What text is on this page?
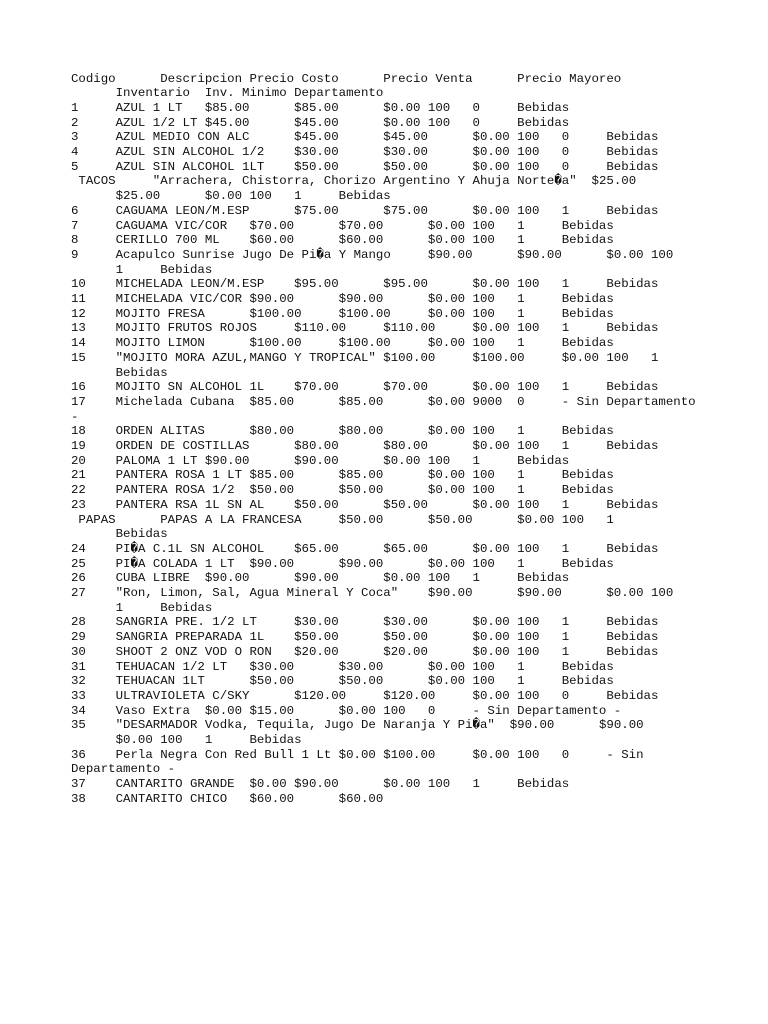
Codigo      Descripcion Precio Costo      Precio Venta      Precio Mayoreo
Inventario  Inv. Minimo Departamento
1     AZUL 1 LT   $85.00      $85.00      $0.00 100   0     Bebidas
2     AZUL 1/2 LT $45.00      $45.00      $0.00 100   0     Bebidas
3     AZUL MEDIO CON ALC      $45.00      $45.00      $0.00 100   0     Bebidas
4     AZUL SIN ALCOHOL 1/2    $30.00      $30.00      $0.00 100   0     Bebidas
5     AZUL SIN ALCOHOL 1LT    $50.00      $50.00      $0.00 100   0     Bebidas
TACOS     "Arrachera, Chistorra, Chorizo Argentino Y Ahuja Norte�a"  $25.00
$25.00      $0.00 100   1     Bebidas
6     CAGUAMA LEON/M.ESP      $75.00      $75.00      $0.00 100   1     Bebidas
7     CAGUAMA VIC/COR   $70.00      $70.00      $0.00 100   1     Bebidas
8     CERILLO 700 ML    $60.00      $60.00      $0.00 100   1     Bebidas
9     Acapulco Sunrise Jugo De Pi�a Y Mango     $90.00      $90.00      $0.00 100
1     Bebidas
10    MICHELADA LEON/M.ESP    $95.00      $95.00      $0.00 100   1     Bebidas
11    MICHELADA VIC/COR $90.00      $90.00      $0.00 100   1     Bebidas
12    MOJITO FRESA      $100.00     $100.00     $0.00 100   1     Bebidas
13    MOJITO FRUTOS ROJOS     $110.00     $110.00     $0.00 100   1     Bebidas
14    MOJITO LIMON      $100.00     $100.00     $0.00 100   1     Bebidas
15    "MOJITO MORA AZUL,MANGO Y TROPICAL" $100.00     $100.00     $0.00 100   1
Bebidas
16    MOJITO SN ALCOHOL 1L    $70.00      $70.00      $0.00 100   1     Bebidas
17    Michelada Cubana  $85.00      $85.00      $0.00 9000  0     - Sin Departamento
-
18    ORDEN ALITAS      $80.00      $80.00      $0.00 100   1     Bebidas
19    ORDEN DE COSTILLAS      $80.00      $80.00      $0.00 100   1     Bebidas
20    PALOMA 1 LT $90.00      $90.00      $0.00 100   1     Bebidas
21    PANTERA ROSA 1 LT $85.00      $85.00      $0.00 100   1     Bebidas
22    PANTERA ROSA 1/2  $50.00      $50.00      $0.00 100   1     Bebidas
23    PANTERA RSA 1L SN AL    $50.00      $50.00      $0.00 100   1     Bebidas
PAPAS      PAPAS A LA FRANCESA     $50.00      $50.00      $0.00 100   1
Bebidas
24    PI�A C.1L SN ALCOHOL    $65.00      $65.00      $0.00 100   1     Bebidas
25    PI�A COLADA 1 LT  $90.00      $90.00      $0.00 100   1     Bebidas
26    CUBA LIBRE  $90.00      $90.00      $0.00 100   1     Bebidas
27    "Ron, Limon, Sal, Agua Mineral Y Coca"    $90.00      $90.00      $0.00 100
1     Bebidas
28    SANGRIA PRE. 1/2 LT     $30.00      $30.00      $0.00 100   1     Bebidas
29    SANGRIA PREPARADA 1L    $50.00      $50.00      $0.00 100   1     Bebidas
30    SHOOT 2 ONZ VOD O RON   $20.00      $20.00      $0.00 100   1     Bebidas
31    TEHUACAN 1/2 LT   $30.00      $30.00      $0.00 100   1     Bebidas
32    TEHUACAN 1LT      $50.00      $50.00      $0.00 100   1     Bebidas
33    ULTRAVIOLETA C/SKY      $120.00     $120.00     $0.00 100   0     Bebidas
34    Vaso Extra  $0.00 $15.00      $0.00 100   0     - Sin Departamento -
35    "DESARMADOR Vodka, Tequila, Jugo De Naranja Y Pi�a"  $90.00      $90.00
$0.00 100   1     Bebidas
36    Perla Negra Con Red Bull 1 Lt $0.00 $100.00     $0.00 100   0     - Sin
Departamento -
37    CANTARITO GRANDE  $0.00 $90.00      $0.00 100   1     Bebidas
38    CANTARITO CHICO   $60.00      $60.00
